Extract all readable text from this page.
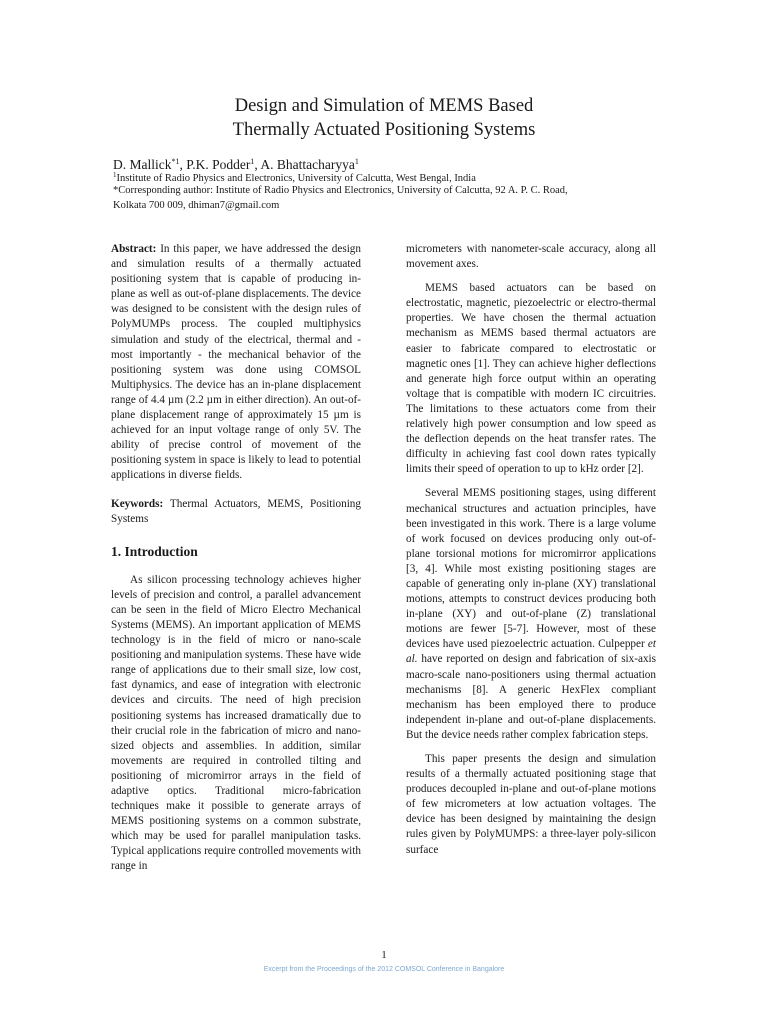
Design and Simulation of MEMS Based
Thermally Actuated Positioning Systems
D. Mallick$^{*1}$, P.K. Podder$^1$, A. Bhattacharyya$^1$
$^1$Institute of Radio Physics and Electronics, University of Calcutta, West Bengal, India
*Corresponding author: Institute of Radio Physics and Electronics, University of Calcutta, 92 A. P. C. Road,
Kolkata 700 009, dhiman7@gmail.com

Abstract: In this paper, we have addressed the design and simulation results of a thermally actuated positioning system that is capable of producing in-plane as well as out-of-plane displacements. The device was designed to be consistent with the design rules of PolyMUMPs process. The coupled multiphysics simulation and study of the electrical, thermal and - most importantly - the mechanical behavior of the positioning system was done using COMSOL Multiphysics. The device has an in-plane displacement range of 4.4 µm (2.2 µm in either direction). An out-of-plane displacement range of approximately 15 µm is achieved for an input voltage range of only 5V. The ability of precise control of movement of the positioning system in space is likely to lead to potential applications in diverse fields.

Keywords: Thermal Actuators, MEMS, Positioning Systems

1. Introduction

As silicon processing technology achieves higher levels of precision and control, a parallel advancement can be seen in the field of Micro Electro Mechanical Systems (MEMS). An important application of MEMS technology is in the field of micro or nano-scale positioning and manipulation systems. These have wide range of applications due to their small size, low cost, fast dynamics, and ease of integration with electronic devices and circuits. The need of high precision positioning systems has increased dramatically due to their crucial role in the fabrication of micro and nano-sized objects and assemblies. In addition, similar movements are required in controlled tilting and positioning of micromirror arrays in the field of adaptive optics. Traditional micro-fabrication techniques make it possible to generate arrays of MEMS positioning systems on a common substrate, which may be used for parallel manipulation tasks. Typical applications require controlled movements with range in

micrometers with nanometer-scale accuracy, along all movement axes.

MEMS based actuators can be based on electrostatic, magnetic, piezoelectric or electro-thermal properties. We have chosen the thermal actuation mechanism as MEMS based thermal actuators are easier to fabricate compared to electrostatic or magnetic ones [1]. They can achieve higher deflections and generate high force output within an operating voltage that is compatible with modern IC circuitries. The limitations to these actuators come from their relatively high power consumption and low speed as the deflection depends on the heat transfer rates. The difficulty in achieving fast cool down rates typically limits their speed of operation to up to kHz order [2].

Several MEMS positioning stages, using different mechanical structures and actuation principles, have been investigated in this work. There is a large volume of work focused on devices producing only out-of-plane torsional motions for micromirror applications [3, 4]. While most existing positioning stages are capable of generating only in-plane (XY) translational motions, attempts to construct devices producing both in-plane (XY) and out-of-plane (Z) translational motions are fewer [5-7]. However, most of these devices have used piezoelectric actuation. Culpepper et al. have reported on design and fabrication of six-axis macro-scale nano-positioners using thermal actuation mechanisms [8]. A generic HexFlex compliant mechanism has been employed there to produce independent in-plane and out-of-plane displacements. But the device needs rather complex fabrication steps.

This paper presents the design and simulation results of a thermally actuated positioning stage that produces decoupled in-plane and out-of-plane motions of few micrometers at low actuation voltages. The device has been designed by maintaining the design rules given by PolyMUMPS: a three-layer poly-silicon surface

1
Excerpt from the Proceedings of the 2012 COMSOL Conference in Bangalore
